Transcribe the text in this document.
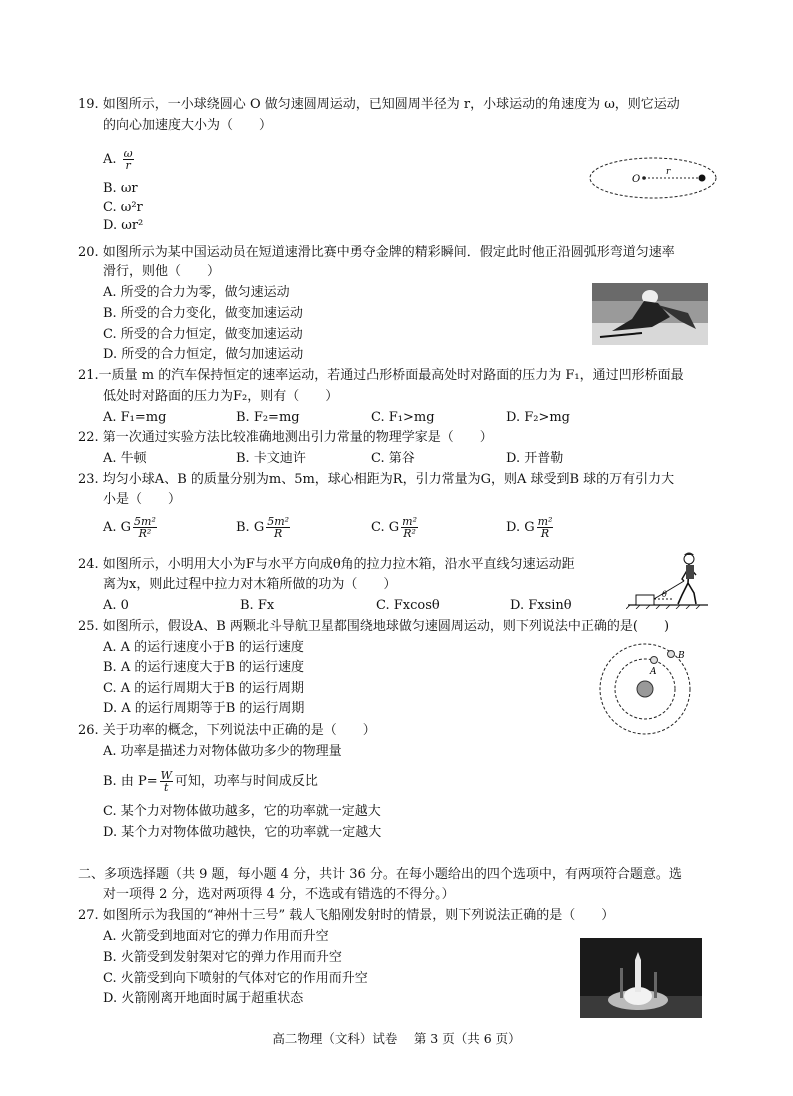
19. 如图所示，一小球绕圆心 O 做匀速圆周运动，已知圆周半径为 r，小球运动的角速度为 ω，则它运动
的向心加速度大小为（　　）
A. $\frac{\omega}{r}$
B. ωr
C. ω²r
D. ωr²
O
r
20. 如图所示为某中国运动员在短道速滑比赛中勇夺金牌的精彩瞬间．假定此时他正沿圆弧形弯道匀速率
滑行，则他（　　）
A. 所受的合力为零，做匀速运动
B. 所受的合力变化，做变加速运动
C. 所受的合力恒定，做变加速运动
D. 所受的合力恒定，做匀加速运动
21.一质量 m 的汽车保持恒定的速率运动，若通过凸形桥面最高处时对路面的压力为 F₁，通过凹形桥面最
低处时对路面的压力为F₂，则有（　　）
A. F₁=mg	B. F₂=mg	C. F₁>mg	D. F₂>mg
22. 第一次通过实验方法比较准确地测出引力常量的物理学家是（　　）
A. 牛顿	B. 卡文迪许	C. 第谷	D. 开普勒
23. 均匀小球A、B 的质量分别为m、5m，球心相距为R，引力常量为G，则A 球受到B 球的万有引力大
小是（　　）
A. G $\frac{\text{5m²}}{\text{R²}}$	B. G $\frac{\text{5m²}}{R}$	C. G $\frac{\text{m²}}{\text{R²}}$	D. G $\frac{\text{m²}}{R}$
24. 如图所示，小明用大小为F与水平方向成θ角的拉力拉木箱，沿水平直线匀速运动距
离为x，则此过程中拉力对木箱所做的功为（　　）
A. 0	B. Fx	C. Fxcosθ	D. Fxsinθ
θ
25. 如图所示，假设A、B 两颗北斗导航卫星都围绕地球做匀速圆周运动，则下列说法中正确的是(　　)
A. A 的运行速度小于B 的运行速度
B. A 的运行速度大于B 的运行速度
C. A 的运行周期大于B 的运行周期
D. A 的运行周期等于B 的运行周期
A
B
26. 关于功率的概念，下列说法中正确的是（　　）
A. 功率是描述力对物体做功多少的物理量
B. 由 $P= \frac{W}{t}$ 可知，功率与时间成反比
C. 某个力对物体做功越多，它的功率就一定越大
D. 某个力对物体做功越快，它的功率就一定越大
二、多项选择题（共 9 题，每小题 4 分，共计 36 分。在每小题给出的四个选项中，有两项符合题意。选
对一项得 2 分，选对两项得 4 分，不选或有错选的不得分。）
27. 如图所示为我国的“神州十三号” 载人飞船刚发射时的情景，则下列说法正确的是（　　）
A. 火箭受到地面对它的弹力作用而升空
B. 火箭受到发射架对它的弹力作用而升空
C. 火箭受到向下喷射的气体对它的作用而升空
D. 火箭刚离开地面时属于超重状态
高二物理（文科）试卷　 第 3 页（共 6 页）
